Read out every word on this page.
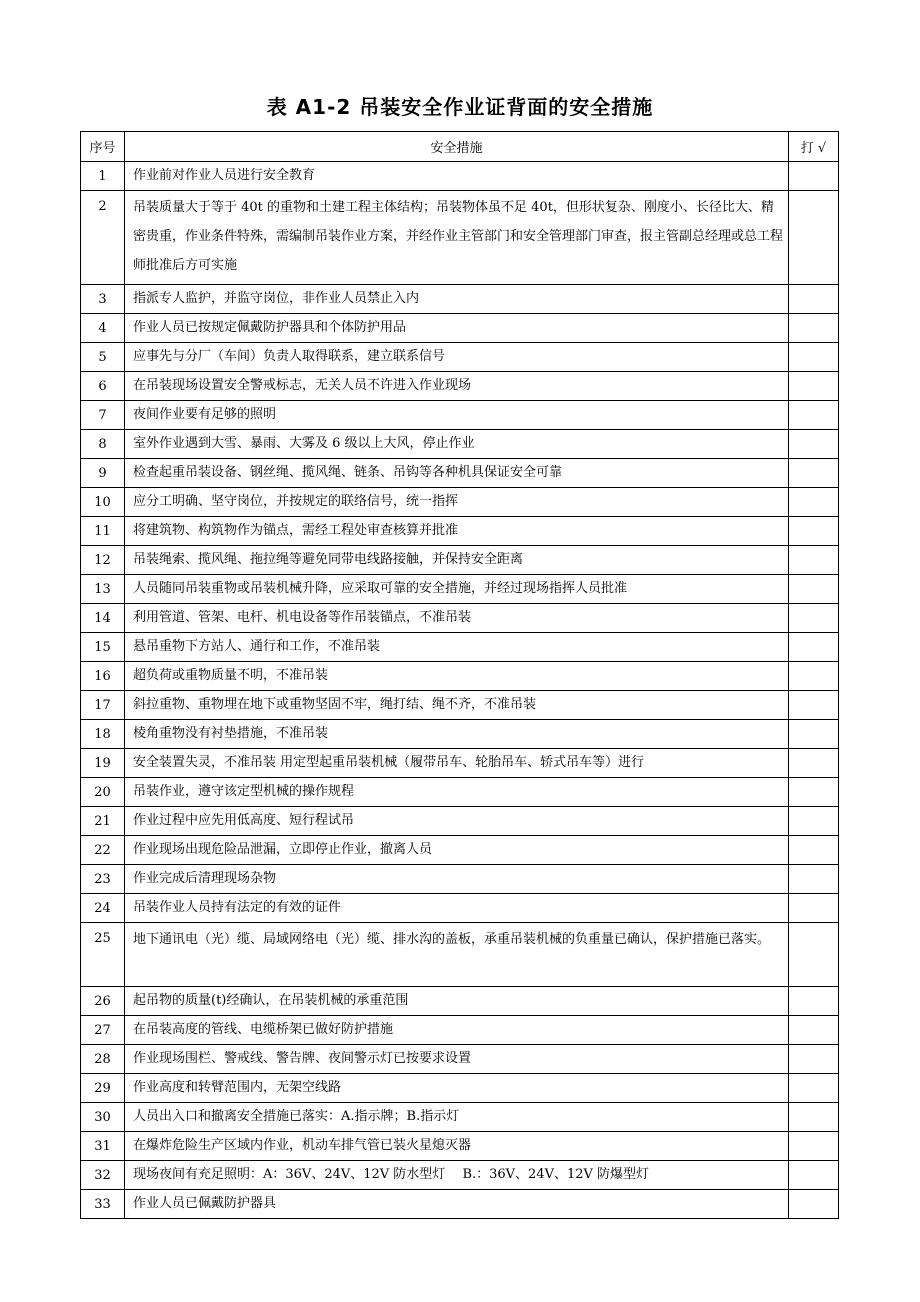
表 A1-2 吊装安全作业证背面的安全措施
序号	安全措施	打 √
1	作业前对作业人员进行安全教育	
2	吊装质量大于等于 40t 的重物和土建工程主体结构；吊装物体虽不足 40t，但形状复杂、刚度小、长径比大、精密贵重，作业条件特殊，需编制吊装作业方案，并经作业主管部门和安全管理部门审查，报主管副总经理或总工程师批准后方可实施	
3	指派专人监护，并监守岗位，非作业人员禁止入内	
4	作业人员已按规定佩戴防护器具和个体防护用品	
5	应事先与分厂（车间）负责人取得联系，建立联系信号	
6	在吊装现场设置安全警戒标志，无关人员不许进入作业现场	
7	夜间作业要有足够的照明	
8	室外作业遇到大雪、暴雨、大雾及 6 级以上大风，停止作业	
9	检查起重吊装设备、钢丝绳、揽风绳、链条、吊钩等各种机具保证安全可靠	
10	应分工明确、坚守岗位，并按规定的联络信号，统一指挥	
11	将建筑物、构筑物作为锚点，需经工程处审查核算并批准	
12	吊装绳索、揽风绳、拖拉绳等避免同带电线路接触，并保持安全距离	
13	人员随同吊装重物或吊装机械升降，应采取可靠的安全措施，并经过现场指挥人员批准	
14	利用管道、管架、电杆、机电设备等作吊装锚点，不准吊装	
15	悬吊重物下方站人、通行和工作，不准吊装	
16	超负荷或重物质量不明，不准吊装	
17	斜拉重物、重物埋在地下或重物坚固不牢，绳打结、绳不齐，不准吊装	
18	棱角重物没有衬垫措施，不准吊装	
19	安全装置失灵，不准吊装 用定型起重吊装机械（履带吊车、轮胎吊车、轿式吊车等）进行	
20	吊装作业，遵守该定型机械的操作规程	
21	作业过程中应先用低高度、短行程试吊	
22	作业现场出现危险品泄漏，立即停止作业，撤离人员	
23	作业完成后清理现场杂物	
24	吊装作业人员持有法定的有效的证件	
25	地下通讯电（光）缆、局域网络电（光）缆、排水沟的盖板，承重吊装机械的负重量已确认，保护措施已落实。	
26	起吊物的质量(t)经确认，在吊装机械的承重范围	
27	在吊装高度的管线、电缆桥架已做好防护措施	
28	作业现场围栏、警戒线、警告牌、夜间警示灯已按要求设置	
29	作业高度和转臂范围内，无架空线路	
30	人员出入口和撤离安全措施已落实：A.指示牌；B.指示灯	
31	在爆炸危险生产区域内作业，机动车排气管已装火星熄灭器	
32	现场夜间有充足照明：A：36V、24V、12V 防水型灯　 B.：36V、24V、12V 防爆型灯	
33	作业人员已佩戴防护器具	
